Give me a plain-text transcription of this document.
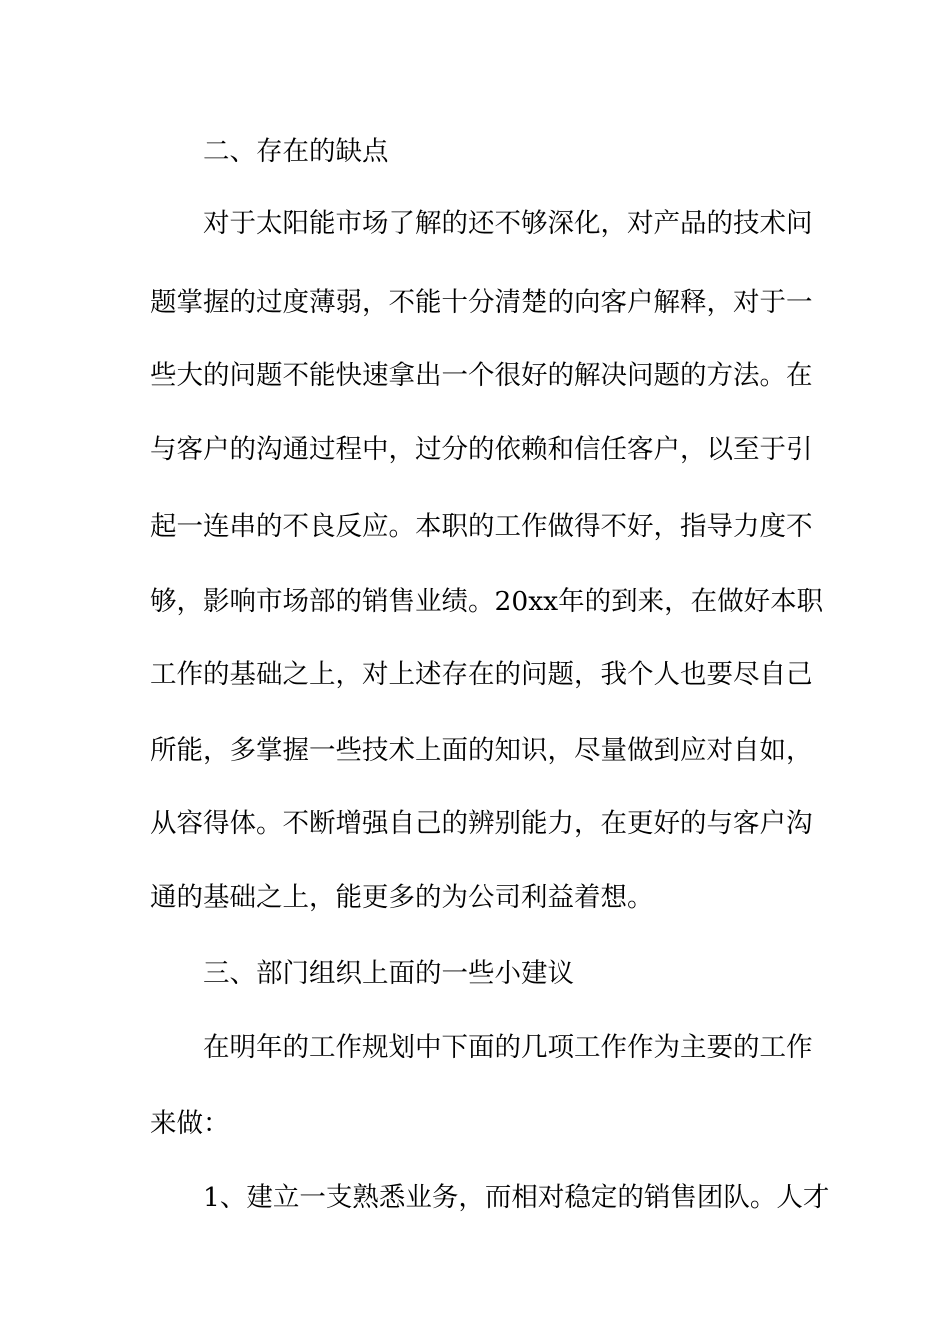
二、存在的缺点
对于太阳能市场了解的还不够深化，对产品的技术问
题掌握的过度薄弱，不能十分清楚的向客户解释，对于一
些大的问题不能快速拿出一个很好的解决问题的方法。在
与客户的沟通过程中，过分的依赖和信任客户，以至于引
起一连串的不良反应。本职的工作做得不好，指导力度不
够，影响市场部的销售业绩。20xx年的到来，在做好本职
工作的基础之上，对上述存在的问题，我个人也要尽自己
所能，多掌握一些技术上面的知识，尽量做到应对自如，
从容得体。不断增强自己的辨别能力，在更好的与客户沟
通的基础之上，能更多的为公司利益着想。
三、部门组织上面的一些小建议
在明年的工作规划中下面的几项工作作为主要的工作
来做：
1、建立一支熟悉业务，而相对稳定的销售团队。人才
